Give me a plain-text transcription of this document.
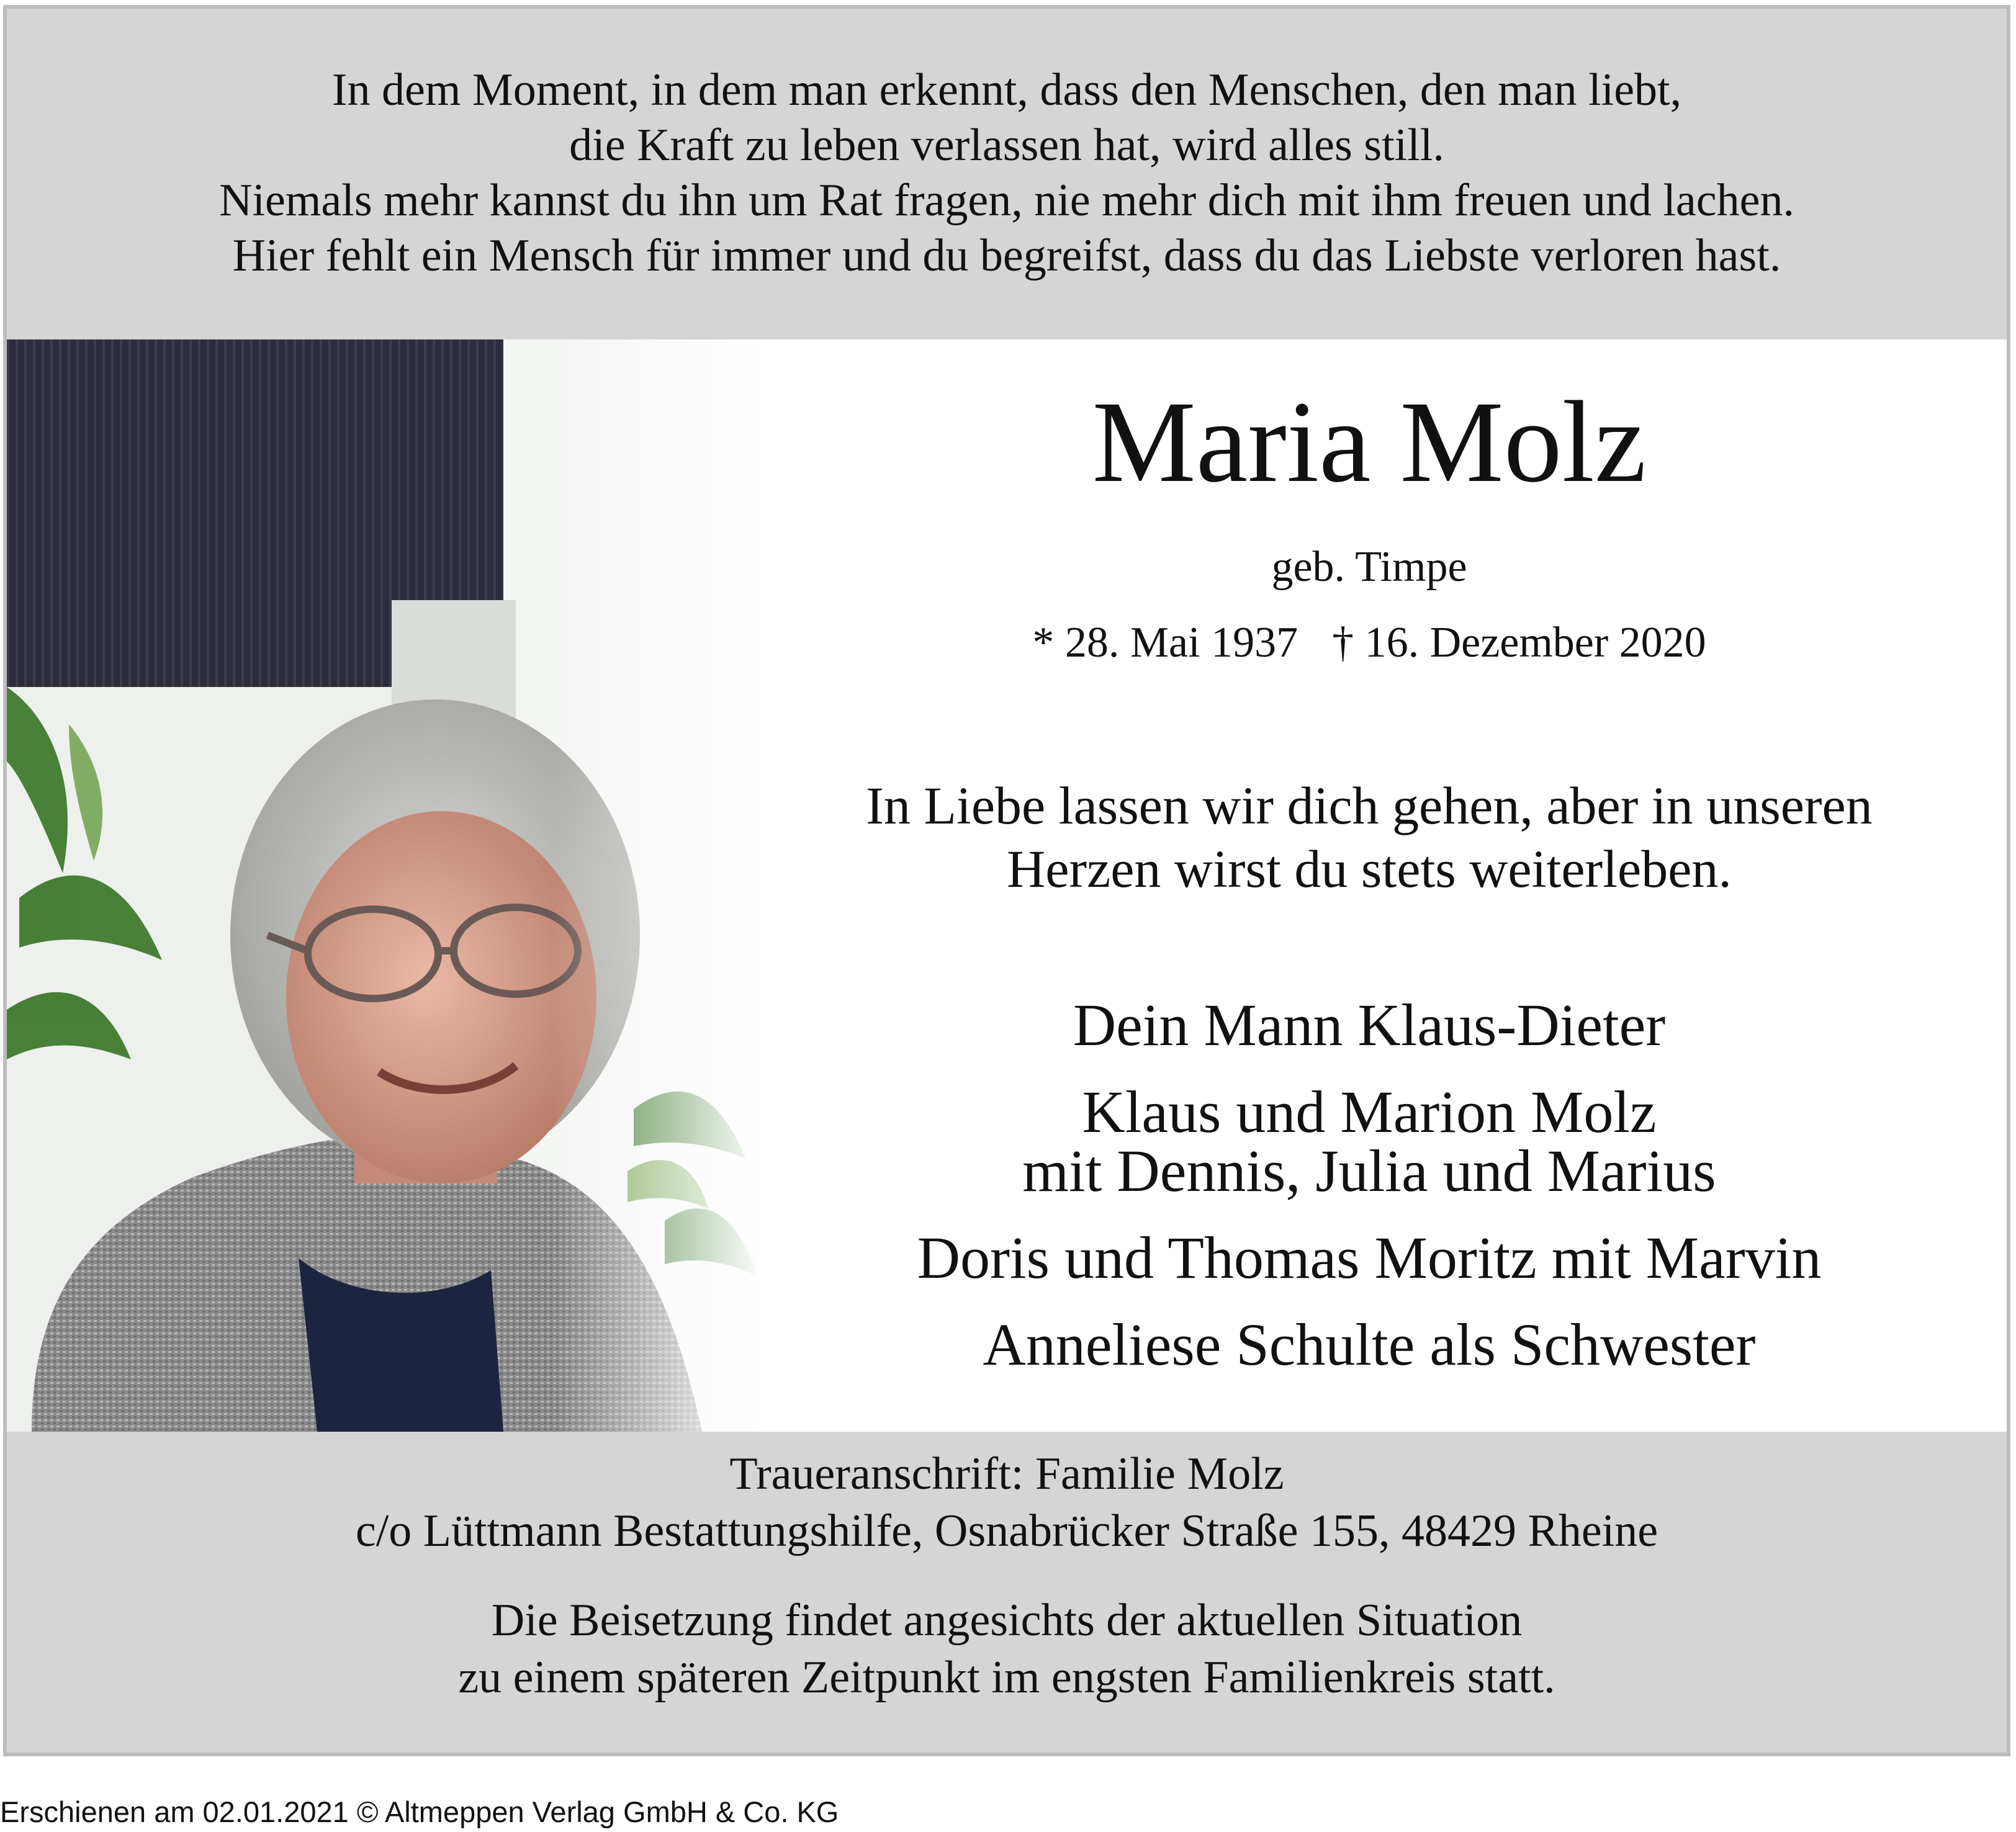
In dem Moment, in dem man erkennt, dass den Menschen, den man liebt,
die Kraft zu leben verlassen hat, wird alles still.
Niemals mehr kannst du ihn um Rat fragen, nie mehr dich mit ihm freuen und lachen.
Hier fehlt ein Mensch für immer und du begreifst, dass du das Liebste verloren hast.
Maria Molz
geb. Timpe
* 28. Mai 1937 † 16. Dezember 2020
In Liebe lassen wir dich gehen, aber in unseren
Herzen wirst du stets weiterleben.
Dein Mann Klaus-Dieter
Klaus und Marion Molz
mit Dennis, Julia und Marius
Doris und Thomas Moritz mit Marvin
Anneliese Schulte als Schwester
Traueranschrift: Familie Molz
c/o Lüttmann Bestattungshilfe, Osnabrücker Straße 155, 48429 Rheine
Die Beisetzung findet angesichts der aktuellen Situation
zu einem späteren Zeitpunkt im engsten Familienkreis statt.
Erschienen am 02.01.2021 © Altmeppen Verlag GmbH & Co. KG
